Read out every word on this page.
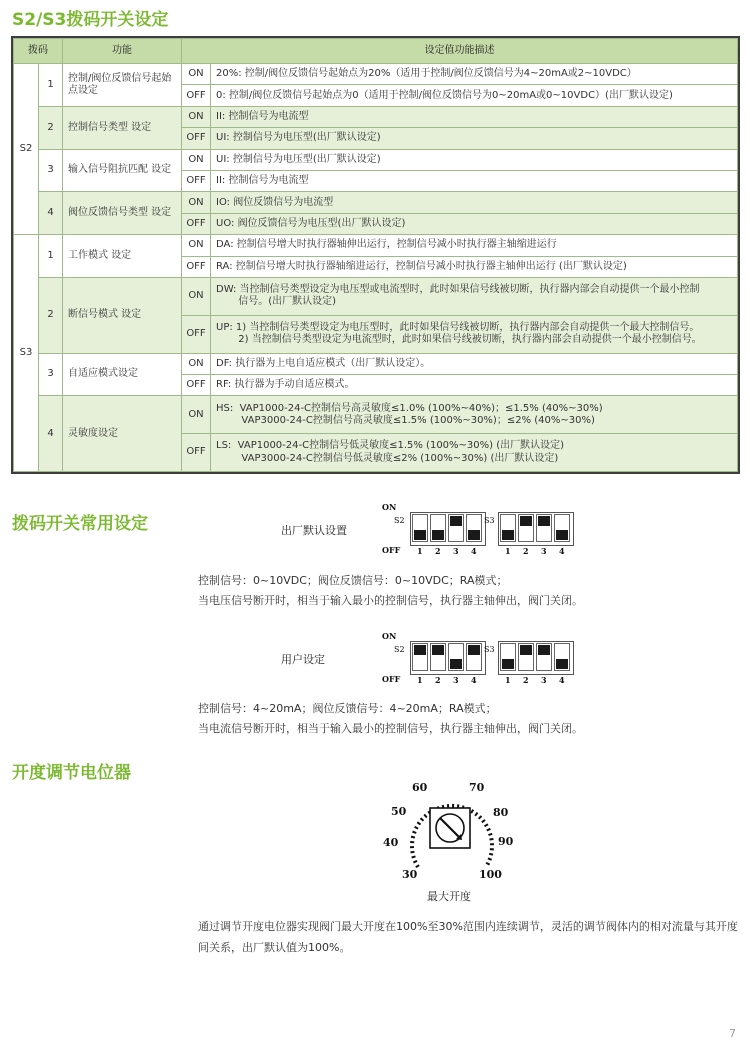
S2/S3拨码开关设定
拨码		功能	设定值功能描述	
S2	1	控制/阀位反馈信号起始点设定	ON	20%: 控制/阀位反馈信号起始点为20%（适用于控制/阀位反馈信号为4~20mA或2~10VDC）

			OFF	0: 控制/阀位反馈信号起始点为0（适用于控制/阀位反馈信号为0~20mA或0~10VDC）(出厂默认设定)

	2	控制信号类型 设定	ON	II: 控制信号为电流型

			OFF	UI: 控制信号为电压型(出厂默认设定)

	3	输入信号阻抗匹配 设定	ON	UI: 控制信号为电压型(出厂默认设定)

			OFF	II: 控制信号为电流型

	4	阀位反馈信号类型 设定	ON	IO: 阀位反馈信号为电流型

			OFF	UO: 阀位反馈信号为电压型(出厂默认设定)

S3	1	工作模式 设定	ON	DA: 控制信号增大时执行器轴伸出运行，控制信号减小时执行器主轴缩进运行

			OFF	RA: 控制信号增大时执行器轴缩进运行，控制信号减小时执行器主轴伸出运行 (出厂默认设定)

	2	断信号模式 设定	ON	DW: 当控制信号类型设定为电压型或电流型时，此时如果信号线被切断，执行器内部会自动提供一个最小控制
信号。(出厂默认设定)

			OFF	UP: 1) 当控制信号类型设定为电压型时，此时如果信号线被切断，执行器内部会自动提供一个最大控制信号。
2) 当控制信号类型设定为电流型时，此时如果信号线被切断，执行器内部会自动提供一个最小控制信号。

	3	自适应模式设定	ON	DF: 执行器为上电自适应模式（出厂默认设定）。

			OFF	RF: 执行器为手动自适应模式。

	4	灵敏度设定	ON	HS:  VAP1000-24-C控制信号高灵敏度≤1.0% (100%~40%)；≤1.5% (40%~30%)
VAP3000-24-C控制信号高灵敏度≤1.5% (100%~30%)；≤2% (40%~30%)

			OFF	LS:  VAP1000-24-C控制信号低灵敏度≤1.5% (100%~30%) (出厂默认设定)
VAP3000-24-C控制信号低灵敏度≤2% (100%~30%) (出厂默认设定)
拨码开关常用设定	出厂默认设置
ON
OFF
S2
1 2 3 4
S3
1 2 3 4
控制信号：0~10VDC；阀位反馈信号：0~10VDC；RA模式；
当电压信号断开时，相当于输入最小的控制信号，执行器主轴伸出，阀门关闭。
用户设定
ON
OFF
S2
1 2 3 4
S3
1 2 3 4
控制信号：4~20mA；阀位反馈信号：4~20mA；RA模式；
当电流信号断开时，相当于输入最小的控制信号，执行器主轴伸出，阀门关闭。
开度调节电位器
30
40
50
60	70
80
90
100
最大开度
通过调节开度电位器实现阀门最大开度在100%至30%范围内连续调节，灵活的调节阀体内的相对流量与其开度间关系，出厂默认值为100%。
7
